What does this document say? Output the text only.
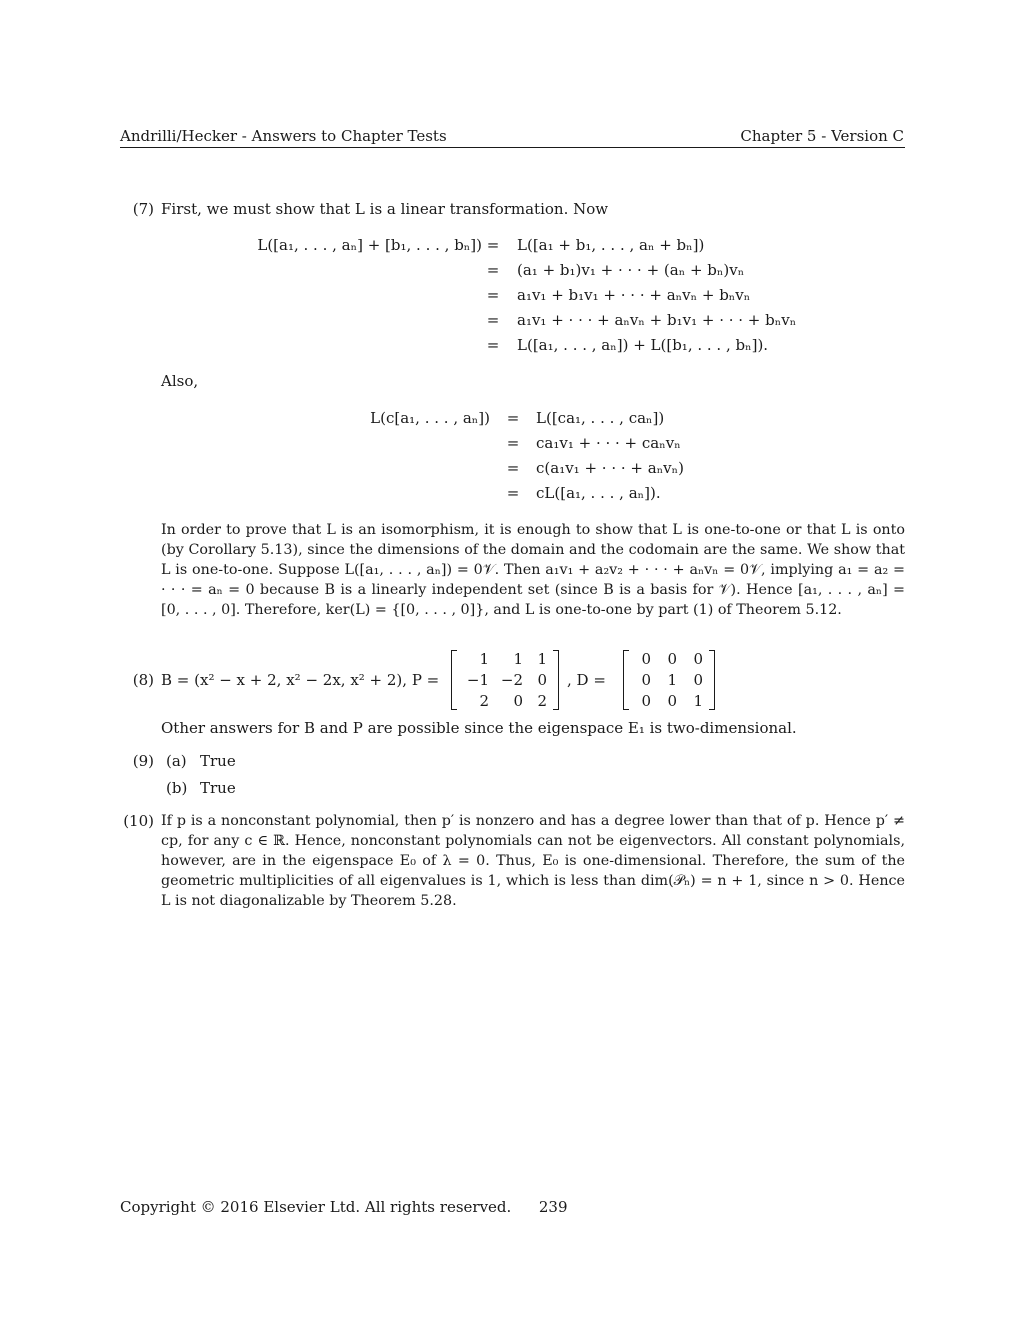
Andrilli/Hecker - Answers to Chapter Tests	Chapter 5 - Version C
(7) First, we must show that L is a linear transformation. Now
L([a₁, . . . , aₙ] + [b₁, . . . , bₙ]) = L([a₁ + b₁, . . . , aₙ + bₙ])
= (a₁ + b₁)v₁ + · · · + (aₙ + bₙ)vₙ
= a₁v₁ + b₁v₁ + · · · + aₙvₙ + bₙvₙ
= a₁v₁ + · · · + aₙvₙ + b₁v₁ + · · · + bₙvₙ
= L([a₁, . . . , aₙ]) + L([b₁, . . . , bₙ]).
Also,
L(c[a₁, . . . , aₙ]) = L([ca₁, . . . , caₙ])
= ca₁v₁ + · · · + caₙvₙ
= c(a₁v₁ + · · · + aₙvₙ)
= cL([a₁, . . . , aₙ]).
In order to prove that L is an isomorphism, it is enough to show that L is one-to-one or that L is onto (by Corollary 5.13), since the dimensions of the domain and the codomain are the same. We show that L is one-to-one. Suppose L([a₁, . . . , aₙ]) = 0𝒱. Then a₁v₁ + a₂v₂ + · · · + aₙvₙ = 0𝒱, implying a₁ = a₂ = · · · = aₙ = 0 because B is a linearly independent set (since B is a basis for 𝒱). Hence [a₁, . . . , aₙ] = [0, . . . , 0]. Therefore, ker(L) = {[0, . . . , 0]}, and L is one-to-one by part (1) of Theorem 5.12.
(8) B = (x² − x + 2, x² − 2x, x² + 2), P =
1	1 1
−1 −2 0
2	0 2
, D =
0	0	0
0	1	0
0	0	1
Other answers for B and P are possible since the eigenspace E₁ is two-dimensional.
(9) (a) True
(b) True
(10) If p is a nonconstant polynomial, then p′ is nonzero and has a degree lower than that of p. Hence p′ ≠ cp, for any c ∈ ℝ. Hence, nonconstant polynomials can not be eigenvectors. All constant polynomials, however, are in the eigenspace E₀ of λ = 0. Thus, E₀ is one-dimensional. Therefore, the sum of the geometric multiplicities of all eigenvalues is 1, which is less than dim(𝒫ₙ) = n + 1, since n > 0. Hence L is not diagonalizable by Theorem 5.28.
Copyright © 2016 Elsevier Ltd. All rights reserved. 239
